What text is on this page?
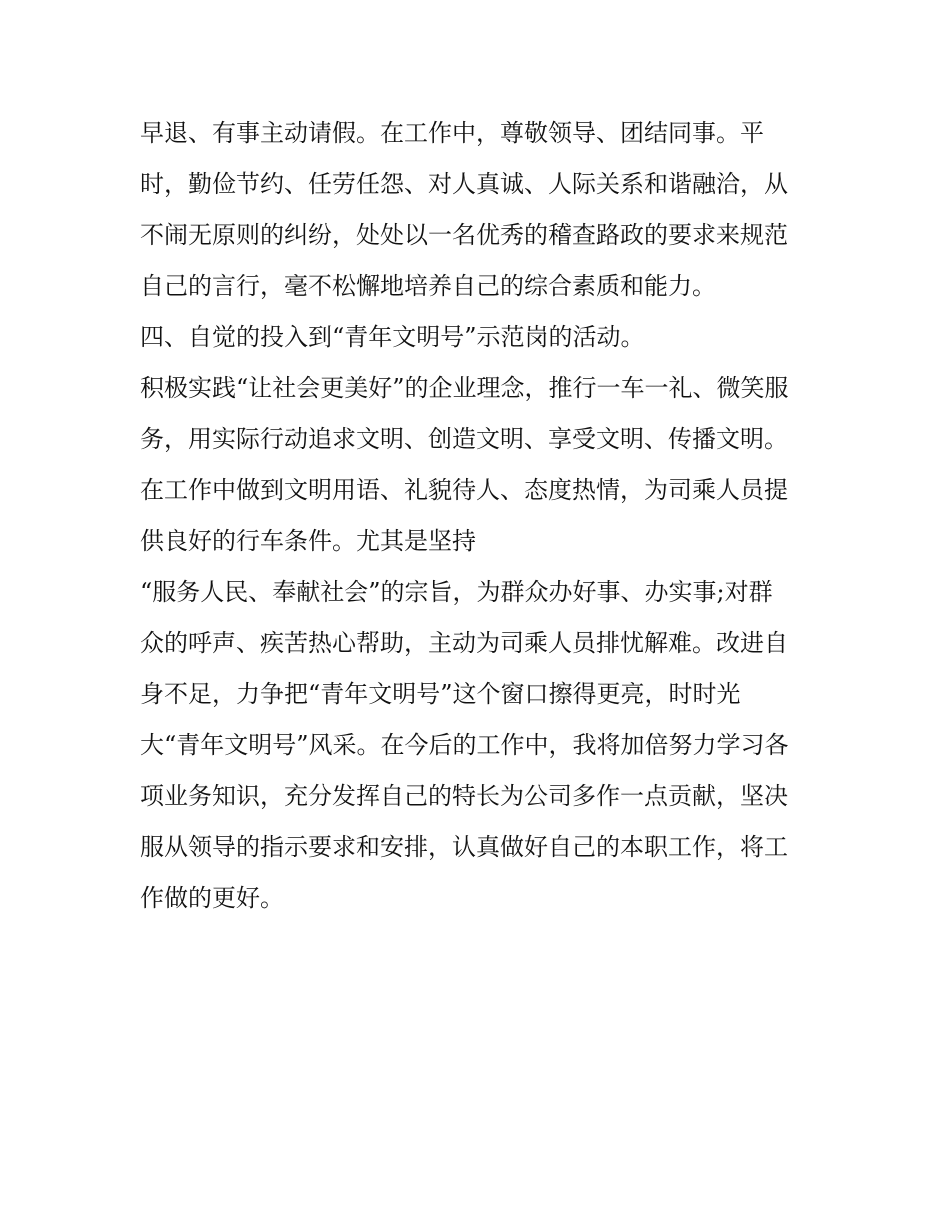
早退、有事主动请假。在工作中，尊敬领导、团结同事。平
时，勤俭节约、任劳任怨、对人真诚、人际关系和谐融洽，从
不闹无原则的纠纷，处处以一名优秀的稽查路政的要求来规范
自己的言行，毫不松懈地培养自己的综合素质和能力。
四、自觉的投入到“青年文明号”示范岗的活动。
积极实践“让社会更美好”的企业理念，推行一车一礼、微笑服
务，用实际行动追求文明、创造文明、享受文明、传播文明。
在工作中做到文明用语、礼貌待人、态度热情，为司乘人员提
供良好的行车条件。尤其是坚持
“服务人民、奉献社会”的宗旨，为群众办好事、办实事;对群
众的呼声、疾苦热心帮助，主动为司乘人员排忧解难。改进自
身不足，力争把“青年文明号”这个窗口擦得更亮，时时光
大“青年文明号”风采。在今后的工作中，我将加倍努力学习各
项业务知识，充分发挥自己的特长为公司多作一点贡献，坚决
服从领导的指示要求和安排，认真做好自己的本职工作，将工
作做的更好。
